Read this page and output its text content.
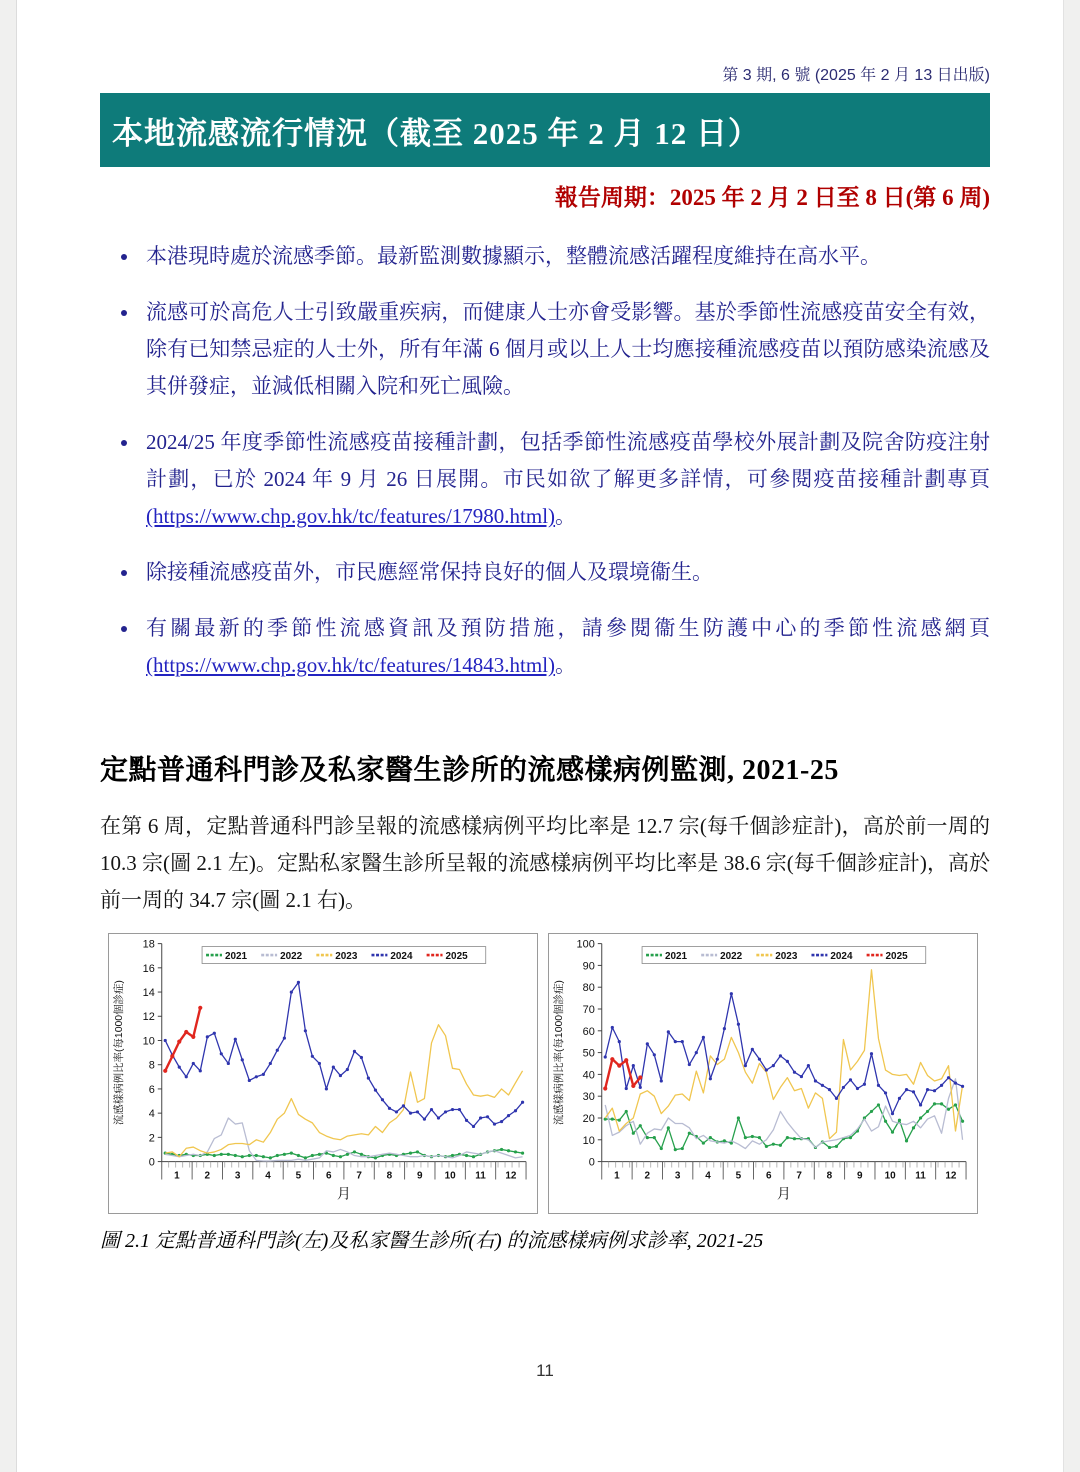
第 3 期, 6 號 (2025 年 2 月 13 日出版)
本地流感流行情況（截至 2025 年 2 月 12 日）
報告周期：2025 年 2 月 2 日至 8 日(第 6 周)
• 本港現時處於流感季節。最新監測數據顯示，整體流感活躍程度維持在高水平。
• 流感可於高危人士引致嚴重疾病，而健康人士亦會受影響。基於季節性流感疫苗安全有效，除有已知禁忌症的人士外，所有年滿 6 個月或以上人士均應接種流感疫苗以預防感染流感及其併發症，並減低相關入院和死亡風險。
• 2024/25 年度季節性流感疫苗接種計劃，包括季節性流感疫苗學校外展計劃及院舍防疫注射計劃，已於 2024 年 9 月 26 日展開。市民如欲了解更多詳情，可參閱疫苗接種計劃專頁(https://www.chp.gov.hk/tc/features/17980.html)。
• 除接種流感疫苗外，市民應經常保持良好的個人及環境衞生。
• 有關最新的季節性流感資訊及預防措施，請參閱衞生防護中心的季節性流感網頁(https://www.chp.gov.hk/tc/features/14843.html)。
定點普通科門診及私家醫生診所的流感樣病例監測, 2021-25

在第 6 周，定點普通科門診呈報的流感樣病例平均比率是 12.7 宗(每千個診症計)，高於前一周的 10.3 宗(圖 2.1 左)。定點私家醫生診所呈報的流感樣病例平均比率是 38.6 宗(每千個診症計)，高於前一周的 34.7 宗(圖 2.1 右)。

0
2
4
6
8
10
12
14
16
18
1 2 3 4 5 6 7 8 9 10 11 12
月
流感樣病例比率(每1000個診症)
2021	2022	2023	2024	2025
0
10
20
30
40
50
60
70
80
90
100
1 2 3 4 5 6 7 8 9 10 11 12
月
流感樣病例比率(每1000個診症)
2021	2022	2023	2024	2025

圖 2.1 定點普通科門診(左)及私家醫生診所(右) 的流感樣病例求診率, 2021-25

11
